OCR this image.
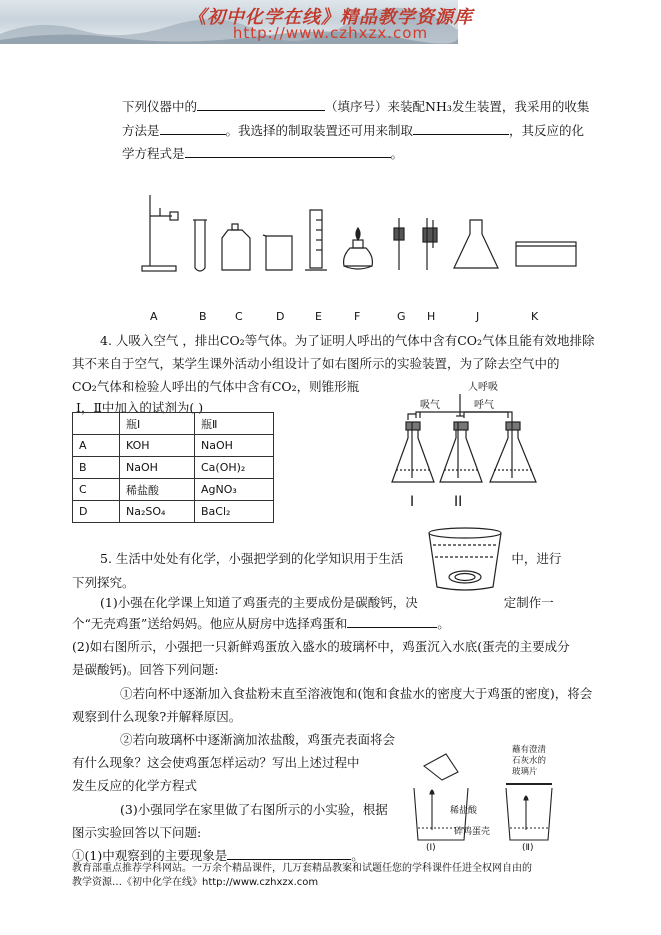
《初中化学在线》精品教学资源库
http://www.czhxzx.com
下列仪器中的	（填序号）来装配NH₃发生装置，我采用的收集
方法是	。我选择的制取装置还可用来制取	，其反应的化
学方程式是	。
A	B	C	D	E	F	G H	J	K
4. 人吸入空气 ，排出CO₂等气体。为了证明人呼出的气体中含有CO₂气体且能有效地排除
其不来自于空气，某学生课外活动小组设计了如右图所示的实验装置，为了除去空气中的
CO₂气体和检验人呼出的气体中含有CO₂，则锥形瓶
Ⅰ，Ⅱ中加入的试剂为( )
	瓶Ⅰ	瓶Ⅱ
A	KOH	NaOH
B	NaOH	Ca(OH)₂
C	稀盐酸	AgNO₃
D	Na₂SO₄	BaCl₂
人呼吸
吸气	呼气
I	II
5. 生活中处处有化学，小强把学到的化学知识用于生活	中，进行
下列探究。
(1)小强在化学课上知道了鸡蛋壳的主要成份是碳酸钙，决	定制作一
个“无壳鸡蛋”送给妈妈。他应从厨房中选择鸡蛋和	。
(2)如右图所示，小强把一只新鲜鸡蛋放入盛水的玻璃杯中，鸡蛋沉入水底(蛋壳的主要成分
是碳酸钙)。回答下列问题:
①若向杯中逐渐加入食盐粉末直至溶液饱和(饱和食盐水的密度大于鸡蛋的密度)，将会
观察到什么现象?并解释原因。
②若向玻璃杯中逐渐滴加浓盐酸，鸡蛋壳表面将会
有什么现象？这会使鸡蛋怎样运动？写出上述过程中
发生反应的化学方程式
(3)小强同学在家里做了右图所示的小实验，根据
图示实验回答以下问题:
①(1)中观察到的主要现象是	。
蘸有澄清
石灰水的
玻璃片
稀盐酸
碎鸡蛋壳
(Ⅰ)	(Ⅱ)
教育部重点推荐学科网站。一万余个精品课件，几万套精品教案和试题任您的学科课件任进全权网自由的
教学资源…《初中化学在线》http://www.czhxzx.com
